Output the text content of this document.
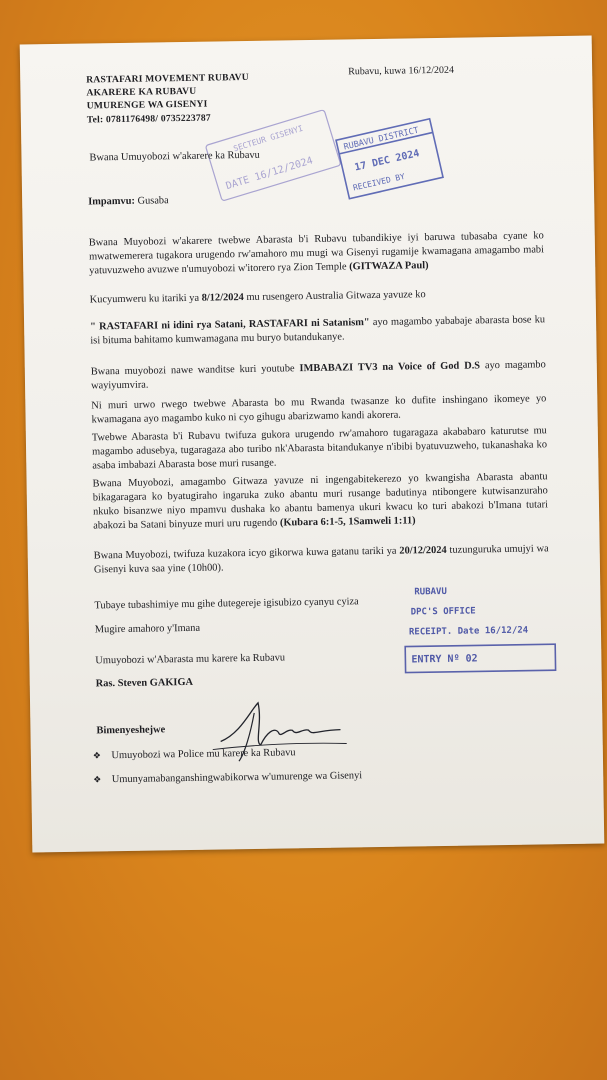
RASTAFARI MOVEMENT RUBAVU
AKARERE KA RUBAVU
UMURENGE WA GISENYI
Tel: 0781176498/ 0735223787
Rubavu, kuwa 16/12/2024
SECTEUR GISENYI
DATE 16/12/2024
RUBAVU DISTRICT
17 DEC 2024
RECEIVED BY
Bwana Umuyobozi w'akarere ka Rubavu
Impamvu: Gusaba
Bwana Muyobozi w'akarere twebwe Abarasta b'i Rubavu tubandikiye iyi baruwa tubasaba cyane ko mwatwemerera tugakora urugendo rw'amahoro mu mugi wa Gisenyi rugamije kwamagana amagambo mabi yatuvuzweho avuzwe n'umuyobozi w'itorero rya Zion Temple (GITWAZA Paul)
Kucyumweru ku itariki ya 8/12/2024 mu rusengero Australia Gitwaza yavuze ko
" RASTAFARI ni idini rya Satani, RASTAFARI ni Satanism" ayo magambo yababaje abarasta bose ku isi bituma bahitamo kumwamagana mu buryo butandukanye.
Bwana muyobozi nawe wanditse kuri youtube IMBABAZI TV3 na Voice of God D.S ayo magambo wayiyumvira.
Ni muri urwo rwego twebwe Abarasta bo mu Rwanda twasanze ko dufite inshingano ikomeye yo kwamagana ayo magambo kuko ni cyo gihugu abarizwamo kandi akorera.
Twebwe Abarasta b'i Rubavu twifuza gukora urugendo rw'amahoro tugaragaza akababaro katurutse mu magambo adusebya, tugaragaza abo turibo nk'Abarasta bitandukanye n'ibibi byatuvuzweho, tukanashaka ko asaba imbabazi Abarasta bose muri rusange.
Bwana Muyobozi, amagambo Gitwaza yavuze ni ingengabitekerezo yo kwangisha Abarasta abantu bikagaragara ko byatugiraho ingaruka zuko abantu muri rusange badutinya ntibongere kutwisanzuraho nkuko bisanzwe niyo mpamvu dushaka ko abantu bamenya ukuri kwacu ko turi abakozi b'Imana tutari abakozi ba Satani binyuze muri uru rugendo (Kubara 6:1-5, 1Samweli 1:11)
Bwana Muyobozi, twifuza kuzakora icyo gikorwa kuwa gatanu tariki ya 20/12/2024 tuzunguruka umujyi wa Gisenyi kuva saa yine (10h00).
Tubaye tubashimiye mu gihe dutegereje igisubizo cyanyu cyiza
Mugire amahoro y'Imana
Umuyobozi w'Abarasta mu karere ka Rubavu
Ras. Steven GAKIGA
Bimenyeshejwe
❖ Umuyobozi wa Police mu karere ka Rubavu
❖ Umunyamabanganshingwabikorwa w'umurenge wa Gisenyi
RUBAVU
DPC'S OFFICE
RECEIPT. Date 16/12/24
ENTRY Nº 02
